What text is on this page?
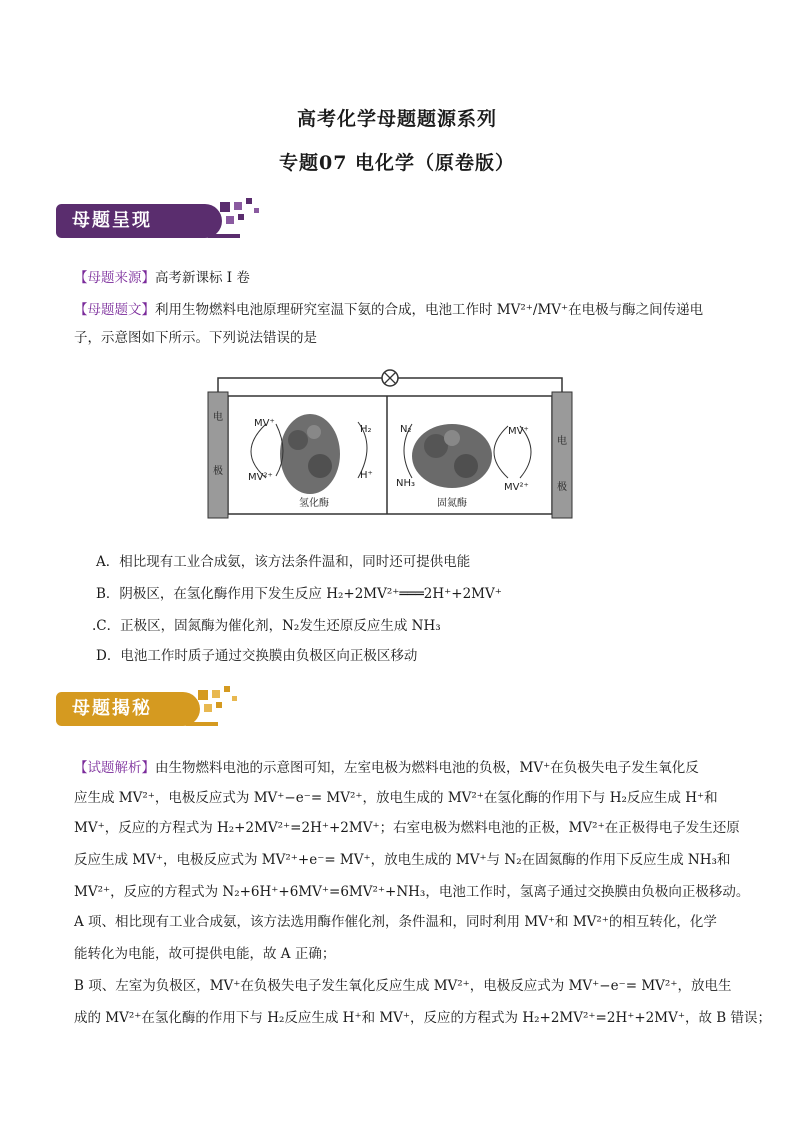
高考化学母题题源系列
专题07 电化学（原卷版）
母题呈现
【母题来源】高考新课标 I 卷
【母题题文】利用生物燃料电池原理研究室温下氨的合成，电池工作时 MV²⁺/MV⁺在电极与酶之间传递电
子，示意图如下所示。下列说法错误的是
电
极
电
极
MV⁺
MV²⁺
H₂
H⁺
N₂
NH₃
MV⁺
MV²⁺
氢化酶	固氮酶
A．相比现有工业合成氨，该方法条件温和，同时还可提供电能
B．阴极区，在氢化酶作用下发生反应 H₂+2MV²⁺═══2H⁺+2MV⁺
.C．正极区，固氮酶为催化剂，N₂发生还原反应生成 NH₃
D．电池工作时质子通过交换膜由负极区向正极区移动
母题揭秘
【试题解析】由生物燃料电池的示意图可知，左室电极为燃料电池的负极，MV⁺在负极失电子发生氧化反
应生成 MV²⁺，电极反应式为 MV⁺−e⁻= MV²⁺，放电生成的 MV²⁺在氢化酶的作用下与 H₂反应生成 H⁺和
MV⁺，反应的方程式为 H₂+2MV²⁺=2H⁺+2MV⁺；右室电极为燃料电池的正极，MV²⁺在正极得电子发生还原
反应生成 MV⁺，电极反应式为 MV²⁺+e⁻= MV⁺，放电生成的 MV⁺与 N₂在固氮酶的作用下反应生成 NH₃和
MV²⁺，反应的方程式为 N₂+6H⁺+6MV⁺=6MV²⁺+NH₃，电池工作时，氢离子通过交换膜由负极向正极移动。
A 项、相比现有工业合成氨，该方法选用酶作催化剂，条件温和，同时利用 MV⁺和 MV²⁺的相互转化，化学
能转化为电能，故可提供电能，故 A 正确；
B 项、左室为负极区，MV⁺在负极失电子发生氧化反应生成 MV²⁺，电极反应式为 MV⁺−e⁻= MV²⁺，放电生
成的 MV²⁺在氢化酶的作用下与 H₂反应生成 H⁺和 MV⁺，反应的方程式为 H₂+2MV²⁺=2H⁺+2MV⁺，故 B 错误；
